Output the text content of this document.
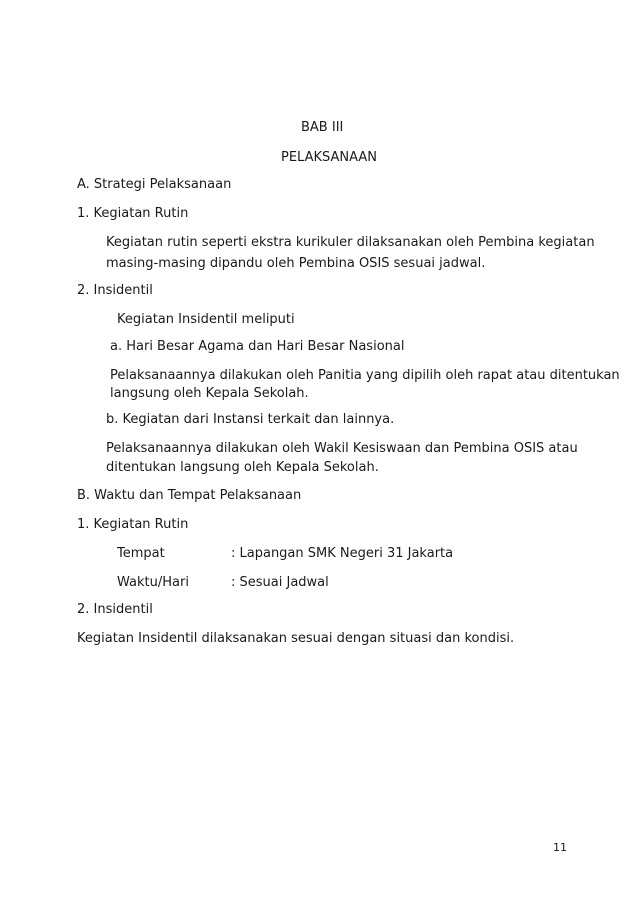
BAB III
PELAKSANAAN
A. Strategi Pelaksanaan
1. Kegiatan Rutin
Kegiatan rutin seperti ekstra kurikuler dilaksanakan oleh Pembina kegiatan
masing-masing dipandu oleh Pembina OSIS sesuai jadwal.
2. Insidentil
Kegiatan Insidentil meliputi
a. Hari Besar Agama dan Hari Besar Nasional
Pelaksanaannya dilakukan oleh Panitia yang dipilih oleh rapat atau ditentukan
langsung oleh Kepala Sekolah.
b. Kegiatan dari Instansi terkait dan lainnya.
Pelaksanaannya dilakukan oleh Wakil Kesiswaan dan Pembina OSIS atau
ditentukan langsung oleh Kepala Sekolah.
B. Waktu dan Tempat Pelaksanaan
1. Kegiatan Rutin
Tempat	: Lapangan SMK Negeri 31 Jakarta
Waktu/Hari	: Sesuai Jadwal
2. Insidentil
Kegiatan Insidentil dilaksanakan sesuai dengan situasi dan kondisi.
11
